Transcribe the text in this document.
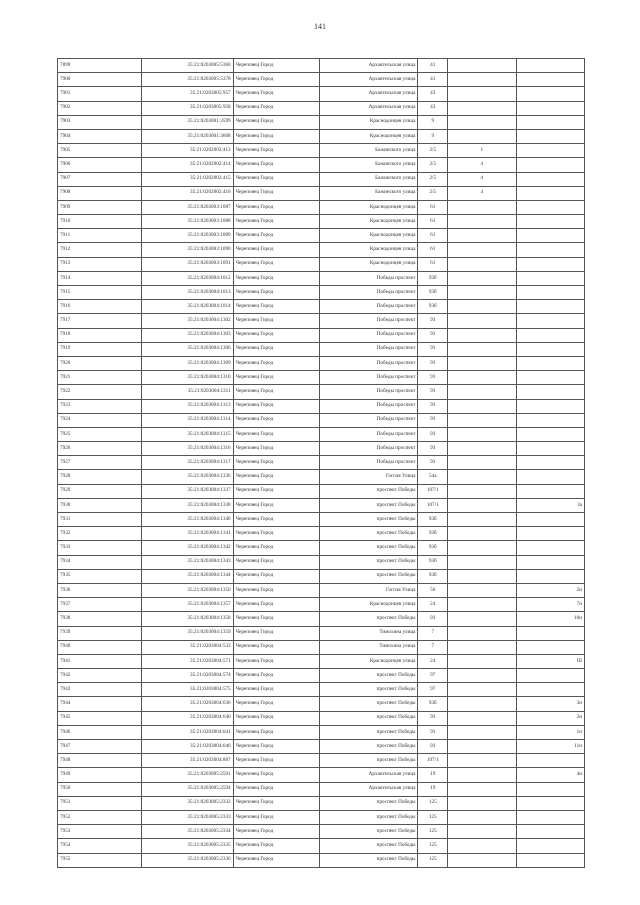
141
7899	35:21:0203005:5360	Череповец Город	Архангельская улица	41		
7900	35:21:0203005:5378	Череповец Город	Архангельская улица	41		
7901	35:21:0203005:957	Череповец Город	Архангельская улица	43		
7902	35:21:0203005:958	Череповец Город	Архангельская улица	43		
7903	35:21:0203001:3599	Череповец Город	Краснодонцев улица	9		
7904	35:21:0203001:3608	Череповец Город	Краснодонцев улица	9		
7905	35:21:0202002:413	Череповец Город	Бажинского улица	2/5	1	
7906	35:21:0202002:414	Череповец Город	Бажинского улица	2/5	4	
7907	35:21:0202002:415	Череповец Город	Бажинского улица	2/5	4	
7908	35:21:0202002:416	Череповец Город	Бажинского улица	2/5	4	
7909	35:21:0203003:1087	Череповец Город	Краснодонцев улица	61		
7910	35:21:0203003:1088	Череповец Город	Краснодонцев улица	61		
7911	35:21:0203003:1089	Череповец Город	Краснодонцев улица	61		
7912	35:21:0203003:1090	Череповец Город	Краснодонцев улица	61		
7913	35:21:0203003:1091	Череповец Город	Краснодонцев улица	61		
7914	35:21:0203004:1012	Череповец Город	Победы проспект	93б		
7915	35:21:0203004:1013	Череповец Город	Победы проспект	93б		
7916	35:21:0203004:1014	Череповец Город	Победы проспект	93б		
7917	35:21:0203004:1302	Череповец Город	Победы проспект	93		
7918	35:21:0203004:1303	Череповец Город	Победы проспект	93		
7919	35:21:0203004:1306	Череповец Город	Победы проспект	93		
7920	35:21:0203004:1309	Череповец Город	Победы проспект	93		
7921	35:21:0203004:1310	Череповец Город	Победы проспект	93		
7922	35:21:0203004:1311	Череповец Город	Победы проспект	93		
7923	35:21:0203004:1313	Череповец Город	Победы проспект	93		
7924	35:21:0203004:1314	Череповец Город	Победы проспект	93		
7925	35:21:0203004:1315	Череповец Город	Победы проспект	93		
7926	35:21:0203004:1316	Череповец Город	Победы проспект	93		
7927	35:21:0203004:1317	Череповец Город	Победы проспект	93		
7928	35:21:0203004:1336	Череповец Город	Гоголя Улица	54а		
7929	35:21:0203004:1337	Череповец Город	проспект Победы	107/1		
7930	35:21:0203004:1338	Череповец Город	проспект Победы	107/1		3а
7931	35:21:0203004:1340	Череповец Город	проспект Победы	93б		
7932	35:21:0203004:1341	Череповец Город	проспект Победы	93б		
7933	35:21:0203004:1342	Череповец Город	проспект Победы	93б		
7934	35:21:0203004:1343	Череповец Город	проспект Победы	93б		
7935	35:21:0203004:1344	Череповец Город	проспект Победы	93б		
7936	35:21:0203004:1350	Череповец Город	Гоголя Улица	56		2н
7937	35:21:0203004:1357	Череповец Город	Краснодонцев улица	24		7н
7938	35:21:0203004:1358	Череповец Город	проспект Победы	93		10н
7939	35:21:0203004:1359	Череповец Город	Тимохина улица	7		
7940	35:21:0203004:533	Череповец Город	Тимохина улица	7		
7941	35:21:0203004:571	Череповец Город	Краснодонцев улица	24		III
7942	35:21:0203004:574	Череповец Город	проспект Победы	97		
7943	35:21:0203004:575	Череповец Город	проспект Победы	97		
7944	35:21:0203004:636	Череповец Город	проспект Победы	93б		3н
7945	35:21:0203004:640	Череповец Город	проспект Победы	93		2н
7946	35:21:0203004:641	Череповец Город	проспект Победы	93		1н
7947	35:21:0203004:646	Череповец Город	проспект Победы	93		11н
7948	35:21:0203004:887	Череповец Город	проспект Победы	107/1		
7949	35:21:0203005:2591	Череповец Город	Архангельская улица	19		4н
7950	35:21:0203005:2594	Череповец Город	Архангельская улица	19		
7951	35:21:0203005:2332	Череповец Город	проспект Победы	125		
7952	35:21:0203005:2333	Череповец Город	проспект Победы	125		
7953	35:21:0203005:2334	Череповец Город	проспект Победы	125		
7954	35:21:0203005:2335	Череповец Город	проспект Победы	125		
7955	35:21:0203005:2336	Череповец Город	проспект Победы	125		
